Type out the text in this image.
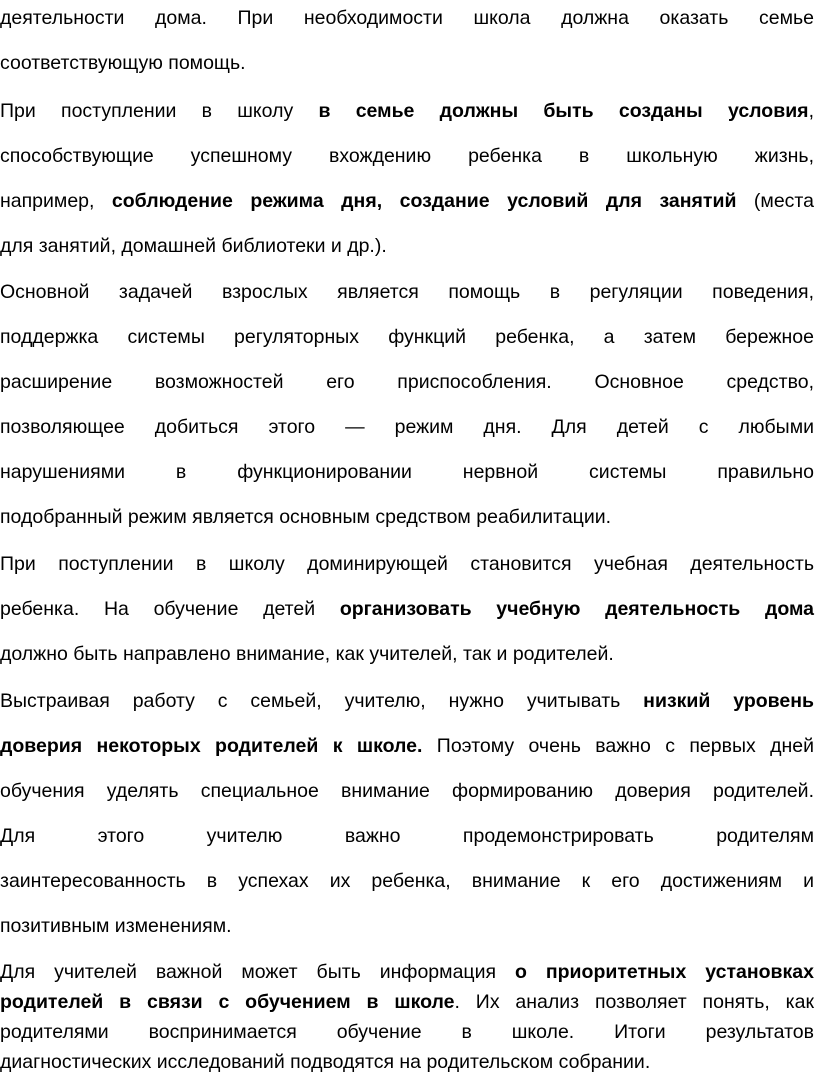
деятельности дома. При необходимости школа должна оказать семье
соответствующую помощь.
При поступлении в школу в семье должны быть созданы условия,
способствующие успешному вхождению ребенка в школьную жизнь,
например, соблюдение режима дня, создание условий для занятий (места
для занятий, домашней библиотеки и др.).
Основной задачей взрослых является помощь в регуляции поведения,
поддержка системы регуляторных функций ребенка, а затем бережное
расширение возможностей его приспособления. Основное средство,
позволяющее добиться этого — режим дня. Для детей с любыми
нарушениями в функционировании нервной системы правильно
подобранный режим является основным средством реабилитации.
При поступлении в школу доминирующей становится учебная деятельность
ребенка. На обучение детей организовать учебную деятельность дома
должно быть направлено внимание, как учителей, так и родителей.
Выстраивая работу с семьей, учителю, нужно учитывать низкий уровень
доверия некоторых родителей к школе. Поэтому очень важно с первых дней
обучения уделять специальное внимание формированию доверия родителей.
Для этого учителю важно продемонстрировать родителям
заинтересованность в успехах их ребенка, внимание к его достижениям и
позитивным изменениям.
Для учителей важной может быть информация о приоритетных установках
родителей в связи с обучением в школе. Их анализ позволяет понять, как
родителями воспринимается обучение в школе. Итоги результатов
диагностических исследований подводятся на родительском собрании.
